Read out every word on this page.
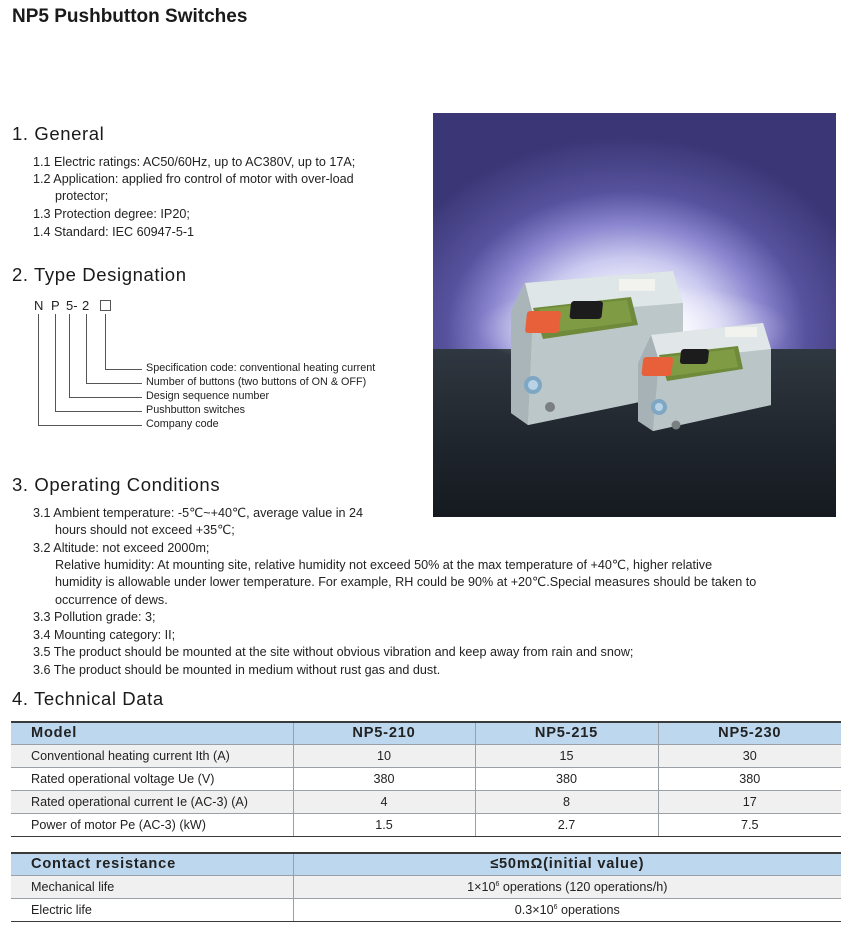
NP5 Pushbutton Switches
1. General
1.1 Electric ratings: AC50/60Hz, up to AC380V, up to 17A;
1.2 Application: applied fro control of motor with over-load
protector;
1.3 Protection degree: IP20;
1.4 Standard: IEC 60947-5-1
2. Type Designation
N P 5- 2
Specification code: conventional heating current
Number of buttons (two buttons of ON & OFF)
Design sequence number
Pushbutton switches
Company code
3. Operating Conditions
3.1 Ambient temperature: -5℃~+40℃, average value in 24
hours should not exceed +35℃;
3.2 Altitude: not exceed 2000m;
Relative humidity: At mounting site, relative humidity not exceed 50% at the max temperature of +40℃, higher relative
humidity is allowable under lower temperature. For example, RH could be 90% at +20℃.Special measures should be taken to
occurrence of dews.
3.3 Pollution grade: 3;
3.4 Mounting category: II;
3.5 The product should be mounted at the site without obvious vibration and keep away from rain and snow;
3.6 The product should be mounted in medium without rust gas and dust.
4. Technical Data
Model	NP5-210	NP5-215	NP5-230
Conventional heating current Ith (A)	10	15	30
Rated operational voltage Ue (V)	380	380	380
Rated operational current Ie (AC-3) (A)	4	8	17
Power of motor Pe (AC-3) (kW)	1.5	2.7	7.5
Contact resistance	≤50mΩ(initial value)
Mechanical life	$1\times 10^6$ operations (120 operations/h)
Electric life	$0.3\times 10^6$ operations
